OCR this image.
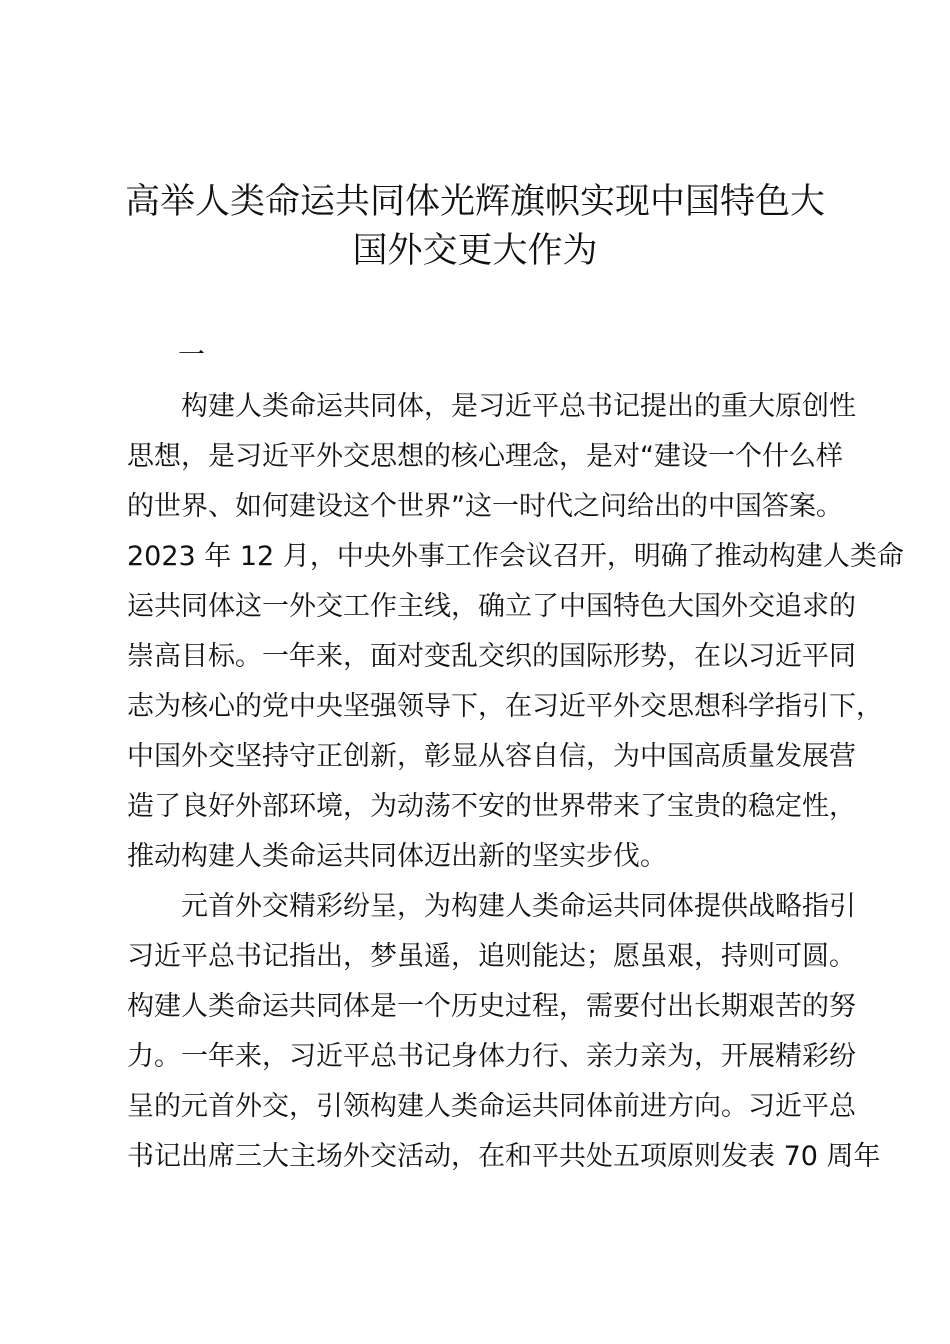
高举人类命运共同体光辉旗帜实现中国特色大
国外交更大作为
一
　　构建人类命运共同体，是习近平总书记提出的重大原创性
思想，是习近平外交思想的核心理念，是对“建设一个什么样
的世界、如何建设这个世界”这一时代之问给出的中国答案。
2023 年 12 月，中央外事工作会议召开，明确了推动构建人类命
运共同体这一外交工作主线，确立了中国特色大国外交追求的
崇高目标。一年来，面对变乱交织的国际形势，在以习近平同
志为核心的党中央坚强领导下，在习近平外交思想科学指引下，
中国外交坚持守正创新，彰显从容自信，为中国高质量发展营
造了良好外部环境，为动荡不安的世界带来了宝贵的稳定性，
推动构建人类命运共同体迈出新的坚实步伐。
　　元首外交精彩纷呈，为构建人类命运共同体提供战略指引
习近平总书记指出，梦虽遥，追则能达；愿虽艰，持则可圆。
构建人类命运共同体是一个历史过程，需要付出长期艰苦的努
力。一年来，习近平总书记身体力行、亲力亲为，开展精彩纷
呈的元首外交，引领构建人类命运共同体前进方向。习近平总
书记出席三大主场外交活动，在和平共处五项原则发表 70 周年
